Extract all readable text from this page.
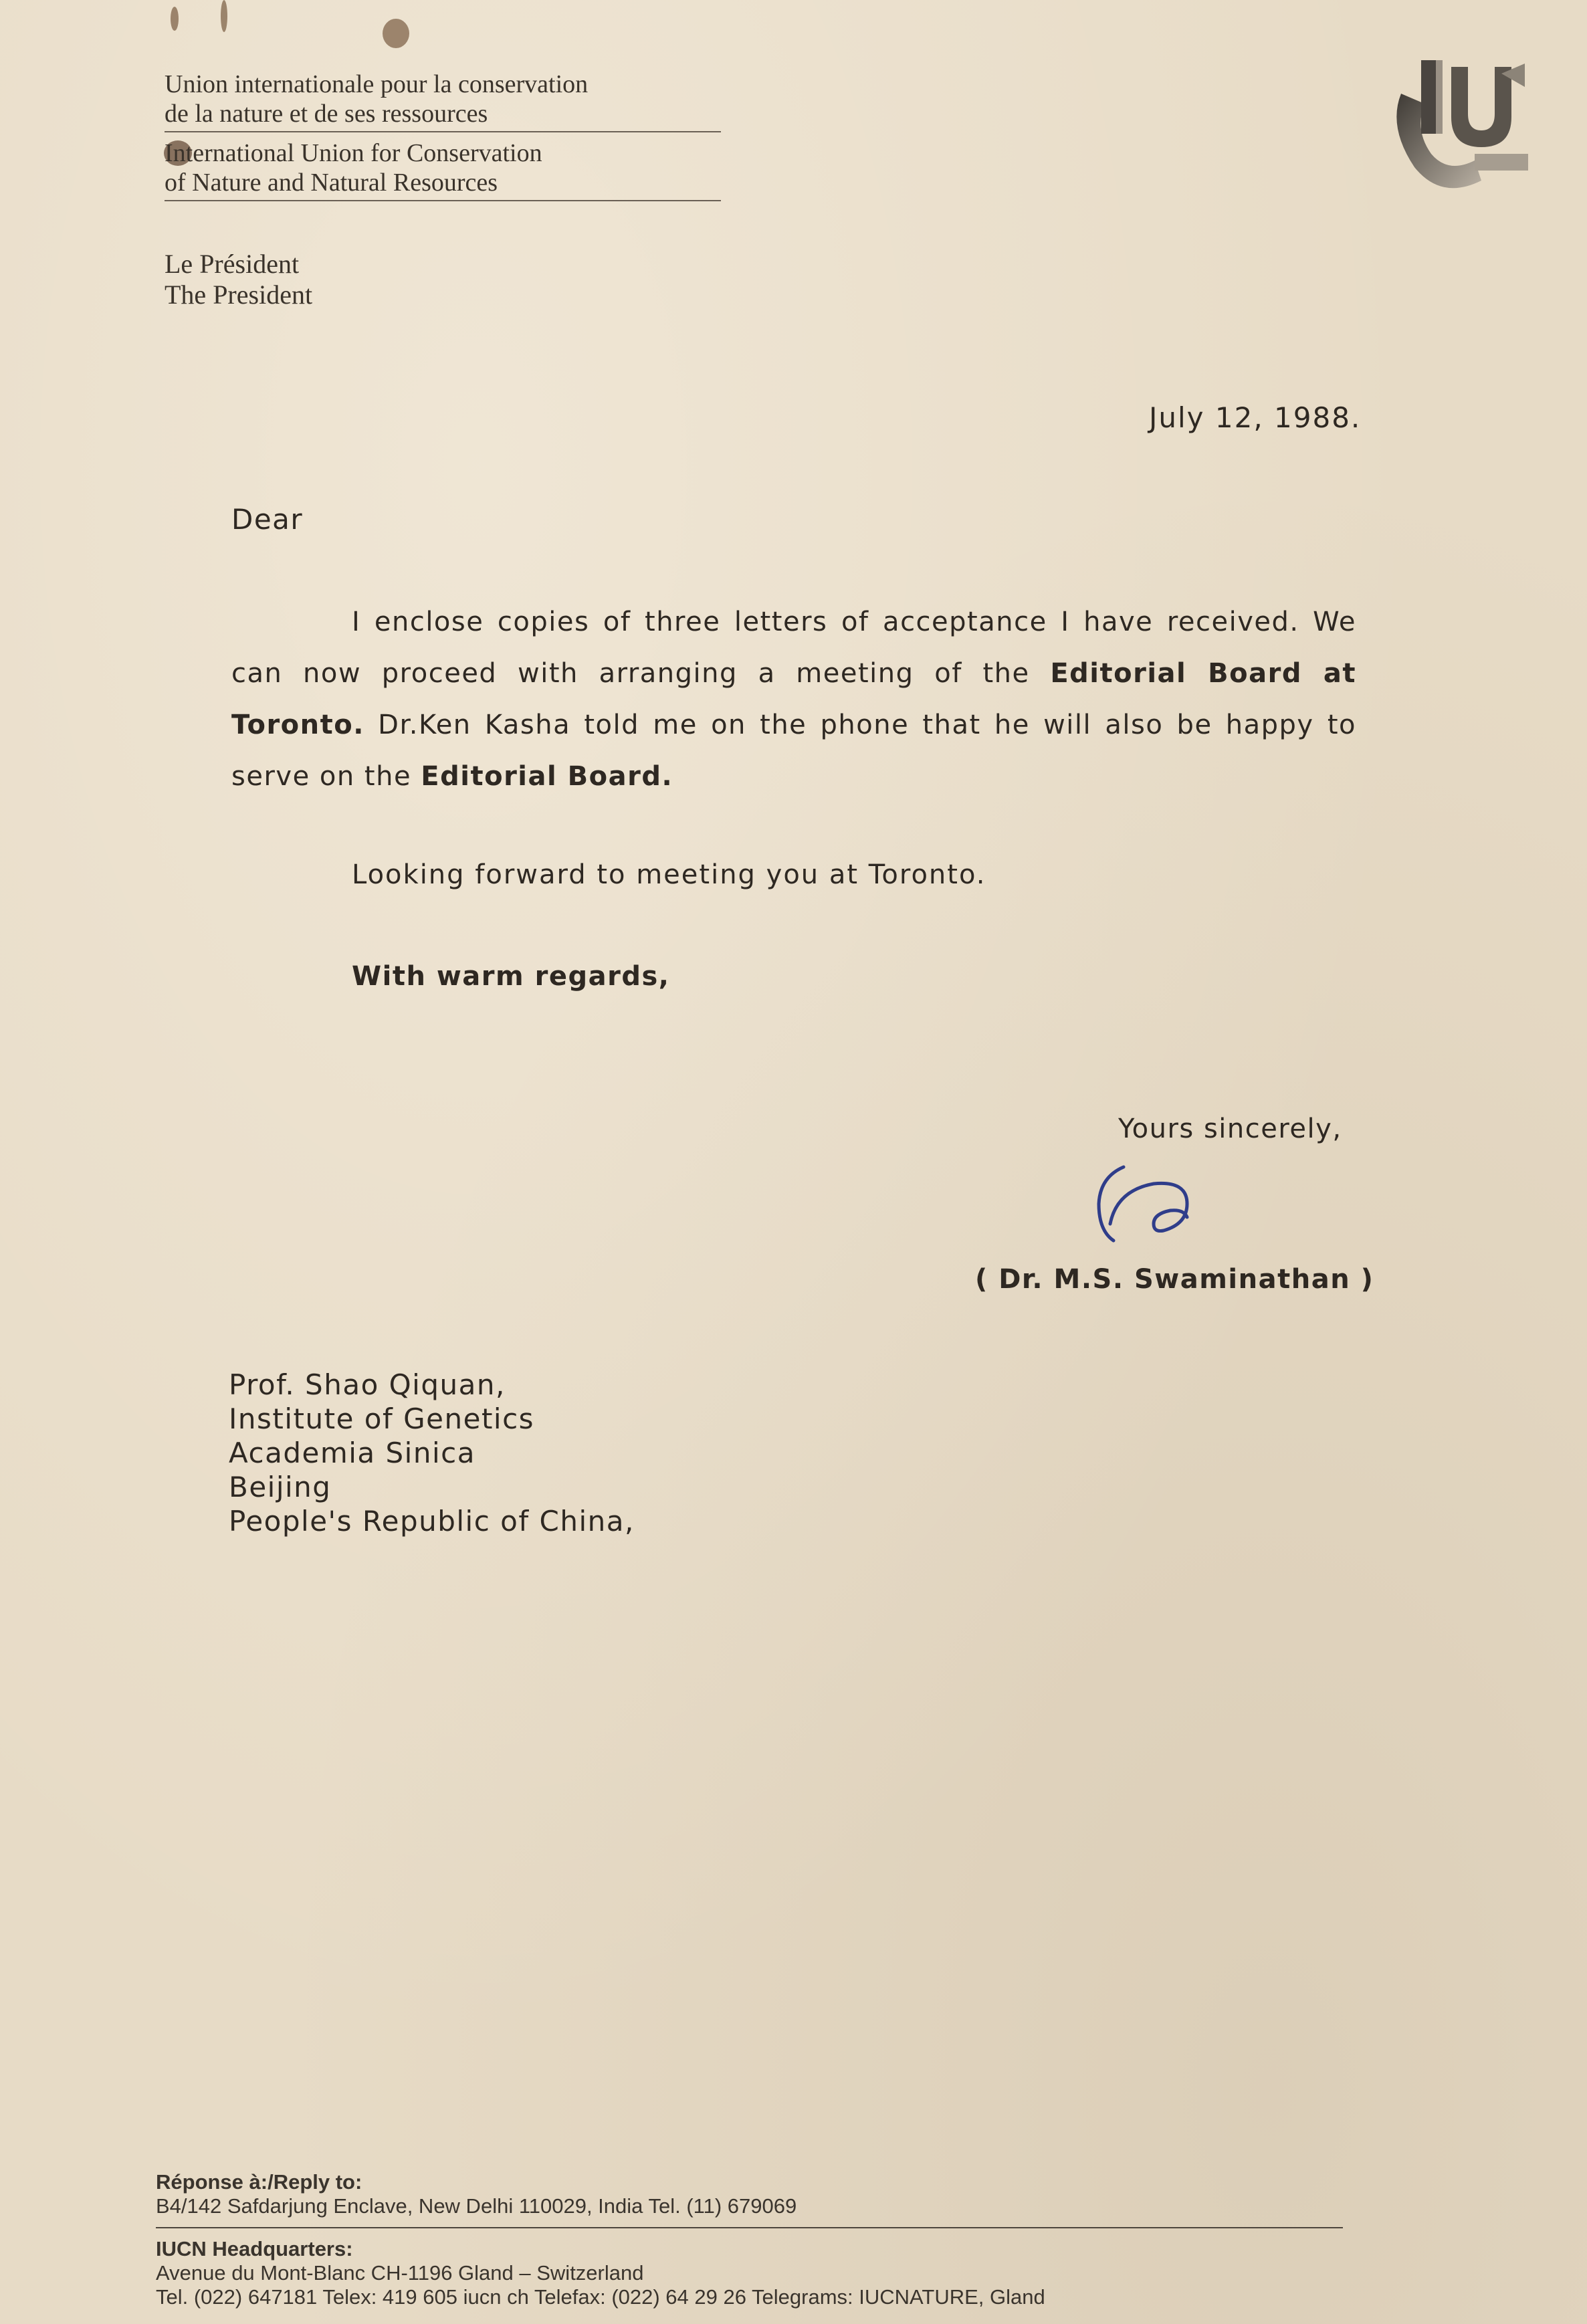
Union internationale pour la conservation
de la nature et de ses ressources
International Union for Conservation
of Nature and Natural Resources
Le Président
The President
July 12, 1988.
Dear

I enclose copies of three letters of acceptance I have received. We can now proceed with arranging a meeting of the Editorial Board at Toronto. Dr.Ken Kasha told me on the phone that he will also be happy to serve on the Editorial Board.

Looking forward to meeting you at Toronto.
With warm regards,
Yours sincerely,
( Dr. M.S. Swaminathan )
Prof. Shao Qiquan,
Institute of Genetics
Academia Sinica
Beijing
People's Republic of China,
Réponse à:/Reply to:
B4/142 Safdarjung Enclave, New Delhi 110029, India Tel. (11) 679069
IUCN Headquarters:
Avenue du Mont-Blanc CH-1196 Gland – Switzerland
Tel. (022) 647181 Telex: 419 605 iucn ch Telefax: (022) 64 29 26 Telegrams: IUCNATURE, Gland
